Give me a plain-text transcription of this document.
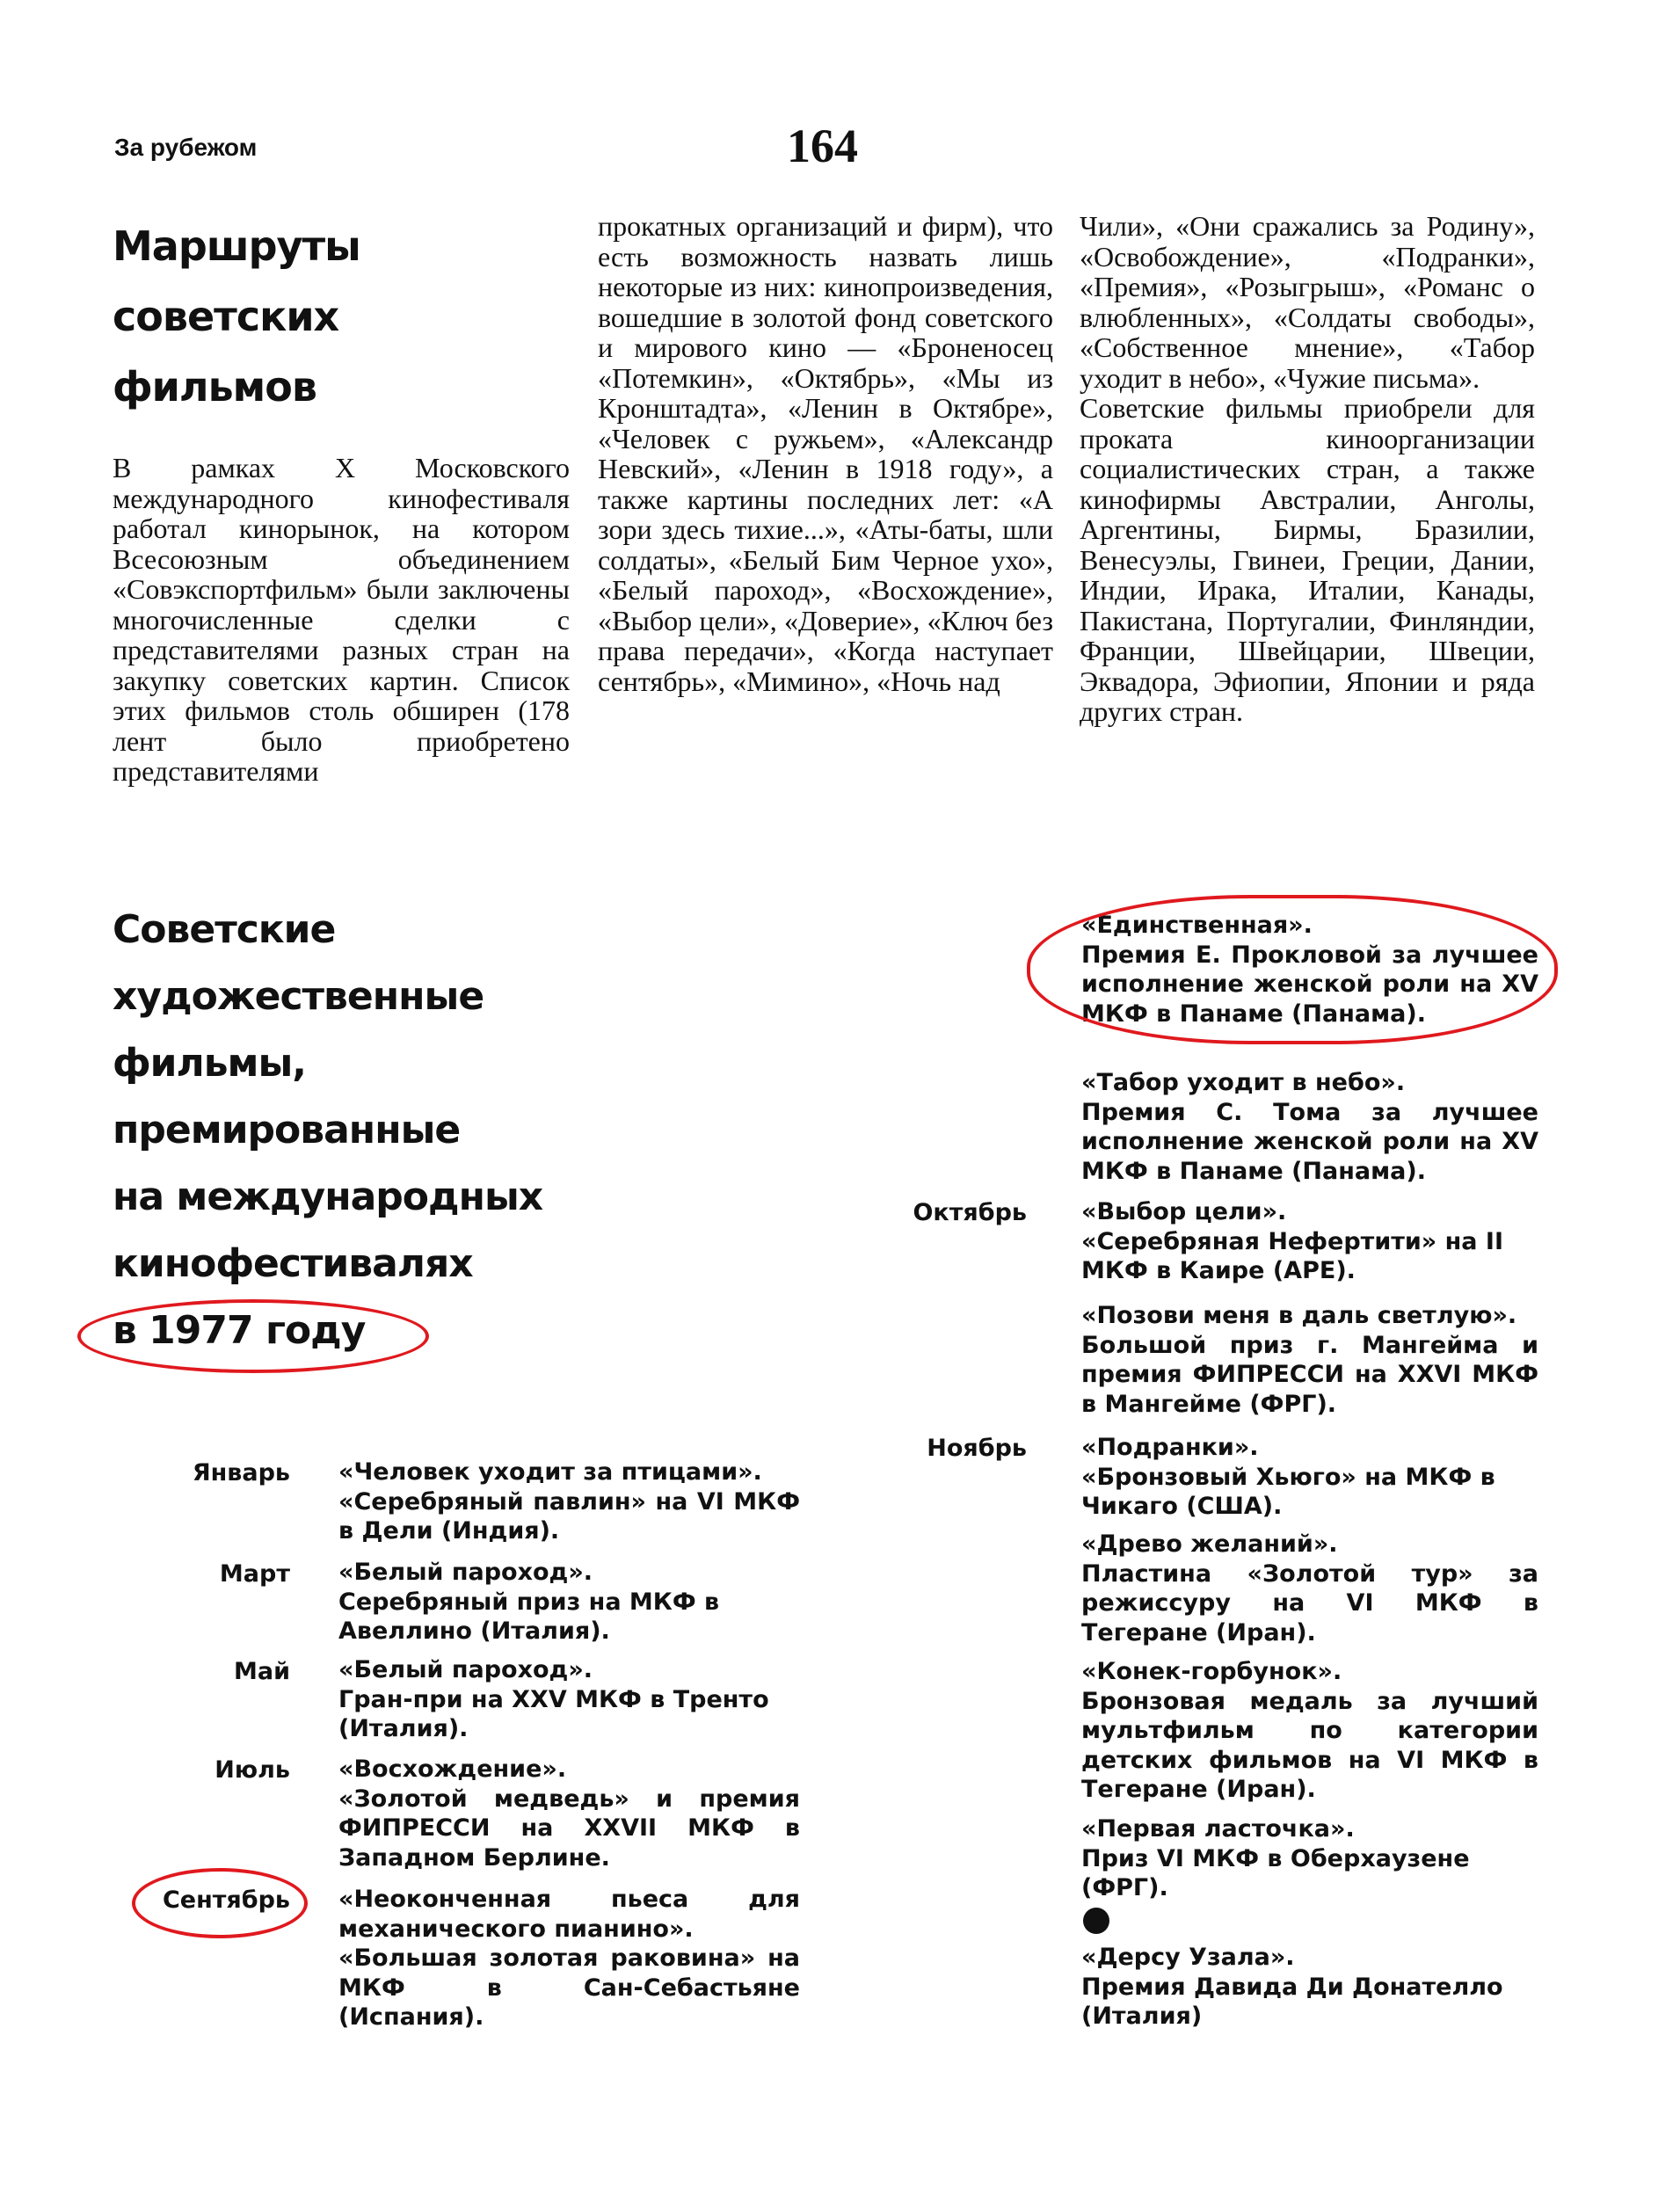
За рубежом	164
Маршруты
советских
фильмов

В рамках X Московского международного кинофестиваля работал кинорынок, на котором Всесоюзным объединением «Совэкспортфильм» были заключены многочисленные сделки с представителями разных стран на закупку советских картин. Список этих фильмов столь обширен (178 лент было приобретено представителями

прокатных организаций и фирм), что есть возможность назвать лишь некоторые из них: кинопроизведения, вошедшие в золотой фонд советского и мирового кино — «Броненосец «Потемкин», «Октябрь», «Мы из Кронштадта», «Ленин в Октябре», «Человек с ружьем», «Александр Невский», «Ленин в 1918 году», а также картины последних лет: «А зори здесь тихие...», «Аты-баты, шли солдаты», «Белый Бим Черное ухо», «Белый пароход», «Восхождение», «Выбор цели», «Доверие», «Ключ без права передачи», «Когда наступает сентябрь», «Мимино», «Ночь над

Чили», «Они сражались за Родину», «Освобождение», «Подранки», «Премия», «Розыгрыш», «Романс о влюбленных», «Солдаты свободы», «Собственное мнение», «Табор уходит в небо», «Чужие письма».

Советские фильмы приобрели для проката киноорганизации социалистических стран, а также кинофирмы Австралии, Анголы, Аргентины, Бирмы, Бразилии, Венесуэлы, Гвинеи, Греции, Дании, Индии, Ирака, Италии, Канады, Пакистана, Португалии, Финляндии, Франции, Швейцарии, Швеции, Эквадора, Эфиопии, Японии и ряда других стран.

Советские
художественные
фильмы,
премированные
на международных
кинофестивалях
в 1977 году
Январь «Человек уходит за птицами».
«Серебряный павлин» на VI МКФ в Дели (Индия).
Март «Белый пароход».
Серебряный приз на МКФ в Авеллино (Италия).
Май «Белый пароход».
Гран-при на XXV МКФ в Тренто (Италия).
Июль «Восхождение».
«Золотой медведь» и премия ФИПРЕССИ на XXVII МКФ в Западном Берлине.
Сентябрь «Неоконченная пьеса для механического пианино».
«Большая золотая раковина» на МКФ в Сан-Себастьяне (Испания).
«Единственная».
Премия Е. Прокловой за лучшее исполнение женской роли на XV МКФ в Панаме (Панама).
«Табор уходит в небо».
Премия С. Тома за лучшее исполнение женской роли на XV МКФ в Панаме (Панама).
Октябрь «Выбор цели».
«Серебряная Нефертити» на II МКФ в Каире (АРЕ).
«Позови меня в даль светлую».
Большой приз г. Мангейма и премия ФИПРЕССИ на XXVI МКФ в Мангейме (ФРГ).
Ноябрь «Подранки».
«Бронзовый Хьюго» на МКФ в Чикаго (США).
«Древо желаний».
Пластина «Золотой тур» за режиссуру на VI МКФ в Тегеране (Иран).
«Конек-горбунок».
Бронзовая медаль за лучший мультфильм по категории детских фильмов на VI МКФ в Тегеране (Иран).
«Первая ласточка».
Приз VI МКФ в Оберхаузене (ФРГ).
«Дерсу Узала».
Премия Давида Ди Донателло (Италия)
